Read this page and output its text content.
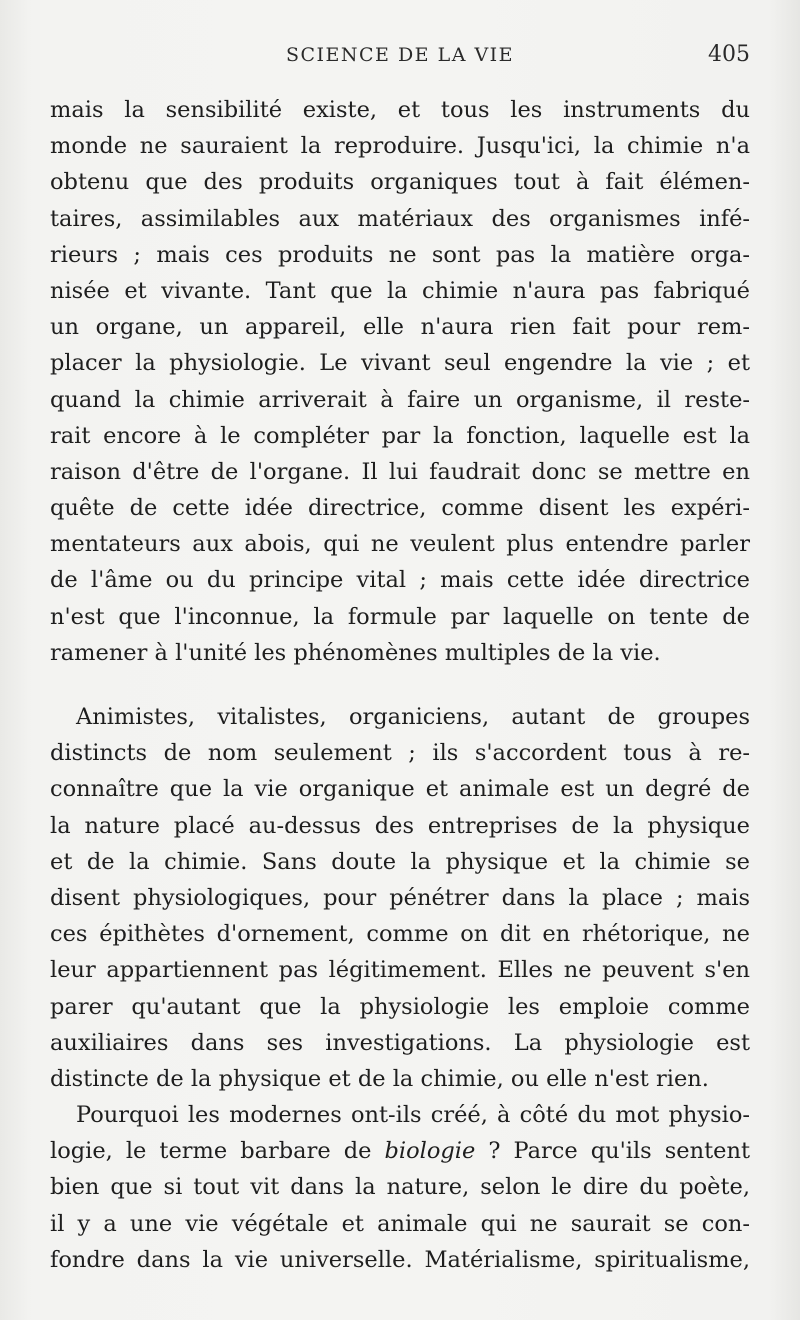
SCIENCE DE LA VIE	405
mais la sensibilité existe, et tous les instruments du
monde ne sauraient la reproduire. Jusqu'ici, la chimie n'a
obtenu que des produits organiques tout à fait élémen-
taires, assimilables aux matériaux des organismes infé-
rieurs ; mais ces produits ne sont pas la matière orga-
nisée et vivante. Tant que la chimie n'aura pas fabriqué
un organe, un appareil, elle n'aura rien fait pour rem-
placer la physiologie. Le vivant seul engendre la vie ; et
quand la chimie arriverait à faire un organisme, il reste-
rait encore à le compléter par la fonction, laquelle est la
raison d'être de l'organe. Il lui faudrait donc se mettre en
quête de cette idée directrice, comme disent les expéri-
mentateurs aux abois, qui ne veulent plus entendre parler
de l'âme ou du principe vital ; mais cette idée directrice
n'est que l'inconnue, la formule par laquelle on tente de
ramener à l'unité les phénomènes multiples de la vie.
Animistes, vitalistes, organiciens, autant de groupes
distincts de nom seulement ; ils s'accordent tous à re-
connaître que la vie organique et animale est un degré de
la nature placé au-dessus des entreprises de la physique
et de la chimie. Sans doute la physique et la chimie se
disent physiologiques, pour pénétrer dans la place ; mais
ces épithètes d'ornement, comme on dit en rhétorique, ne
leur appartiennent pas légitimement. Elles ne peuvent s'en
parer qu'autant que la physiologie les emploie comme
auxiliaires dans ses investigations. La physiologie est
distincte de la physique et de la chimie, ou elle n'est rien.
Pourquoi les modernes ont-ils créé, à côté du mot physio-
logie, le terme barbare de biologie ? Parce qu'ils sentent
bien que si tout vit dans la nature, selon le dire du poète,
il y a une vie végétale et animale qui ne saurait se con-
fondre dans la vie universelle. Matérialisme, spiritualisme,
